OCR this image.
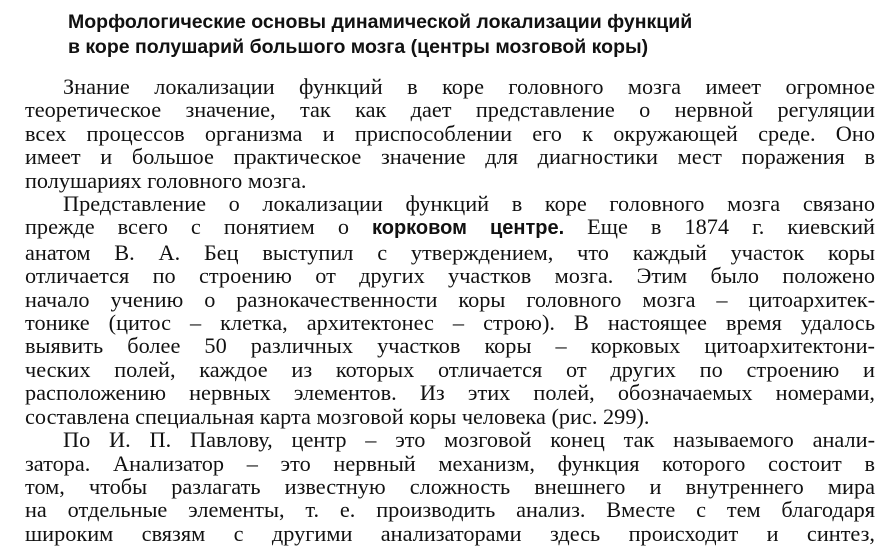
Морфологические основы динамической локализации функций
в коре полушарий большого мозга (центры мозговой коры)
Знание локализации функций в коре головного мозга имеет огромное
теоретическое значение, так как дает представление о нервной регуляции
всех процессов организма и приспособлении его к окружающей среде. Оно
имеет и большое практическое значение для диагностики мест поражения в
полушариях головного мозга.
Представление о локализации функций в коре головного мозга связано
прежде всего с понятием о корковом центре. Еще в 1874 г. киевский
анатом В. А. Бец выступил с утверждением, что каждый участок коры
отличается по строению от других участков мозга. Этим было положено
начало учению о разнокачественности коры головного мозга – цитоархитек-
тонике (цитос – клетка, архитектонес – строю). В настоящее время удалось
выявить более 50 различных участков коры – корковых цитоархитектони-
ческих полей, каждое из которых отличается от других по строению и
расположению нервных элементов. Из этих полей, обозначаемых номерами,
составлена специальная карта мозговой коры человека (рис. 299).
По И. П. Павлову, центр – это мозговой конец так называемого анали-
затора. Анализатор – это нервный механизм, функция которого состоит в
том, чтобы разлагать известную сложность внешнего и внутреннего мира
на отдельные элементы, т. е. производить анализ. Вместе с тем благодаря
широким связям с другими анализаторами здесь происходит и синтез,
